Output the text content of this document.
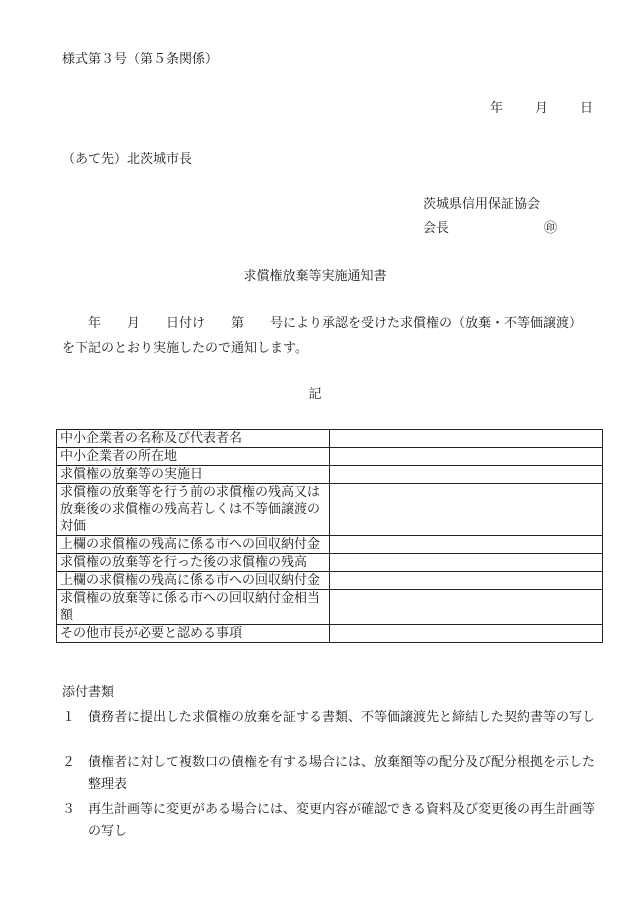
様式第３号（第５条関係）
年 月 日
（あて先）北茨城市長
茨城県信用保証協会
会長	㊞
求償権放棄等実施通知書
年　　月　　日付け　　第　　号により承認を受けた求償権の（放棄・不等価譲渡）
を下記のとおり実施したので通知します。
記
中小企業者の名称及び代表者名	
中小企業者の所在地	
求償権の放棄等の実施日	
求償権の放棄等を行う前の求償権の残高又は放棄後の求償権の残高若しくは不等価譲渡の対価	
上欄の求償権の残高に係る市への回収納付金	
求償権の放棄等を行った後の求償権の残高	
上欄の求償権の残高に係る市への回収納付金	
求償権の放棄等に係る市への回収納付金相当額	
その他市長が必要と認める事項	
添付書類
１ 債務者に提出した求償権の放棄を証する書類、不等価譲渡先と締結した契約書等の写し
２ 債権者に対して複数口の債権を有する場合には、放棄額等の配分及び配分根拠を示した整理表
３ 再生計画等に変更がある場合には、変更内容が確認できる資料及び変更後の再生計画等の写し
